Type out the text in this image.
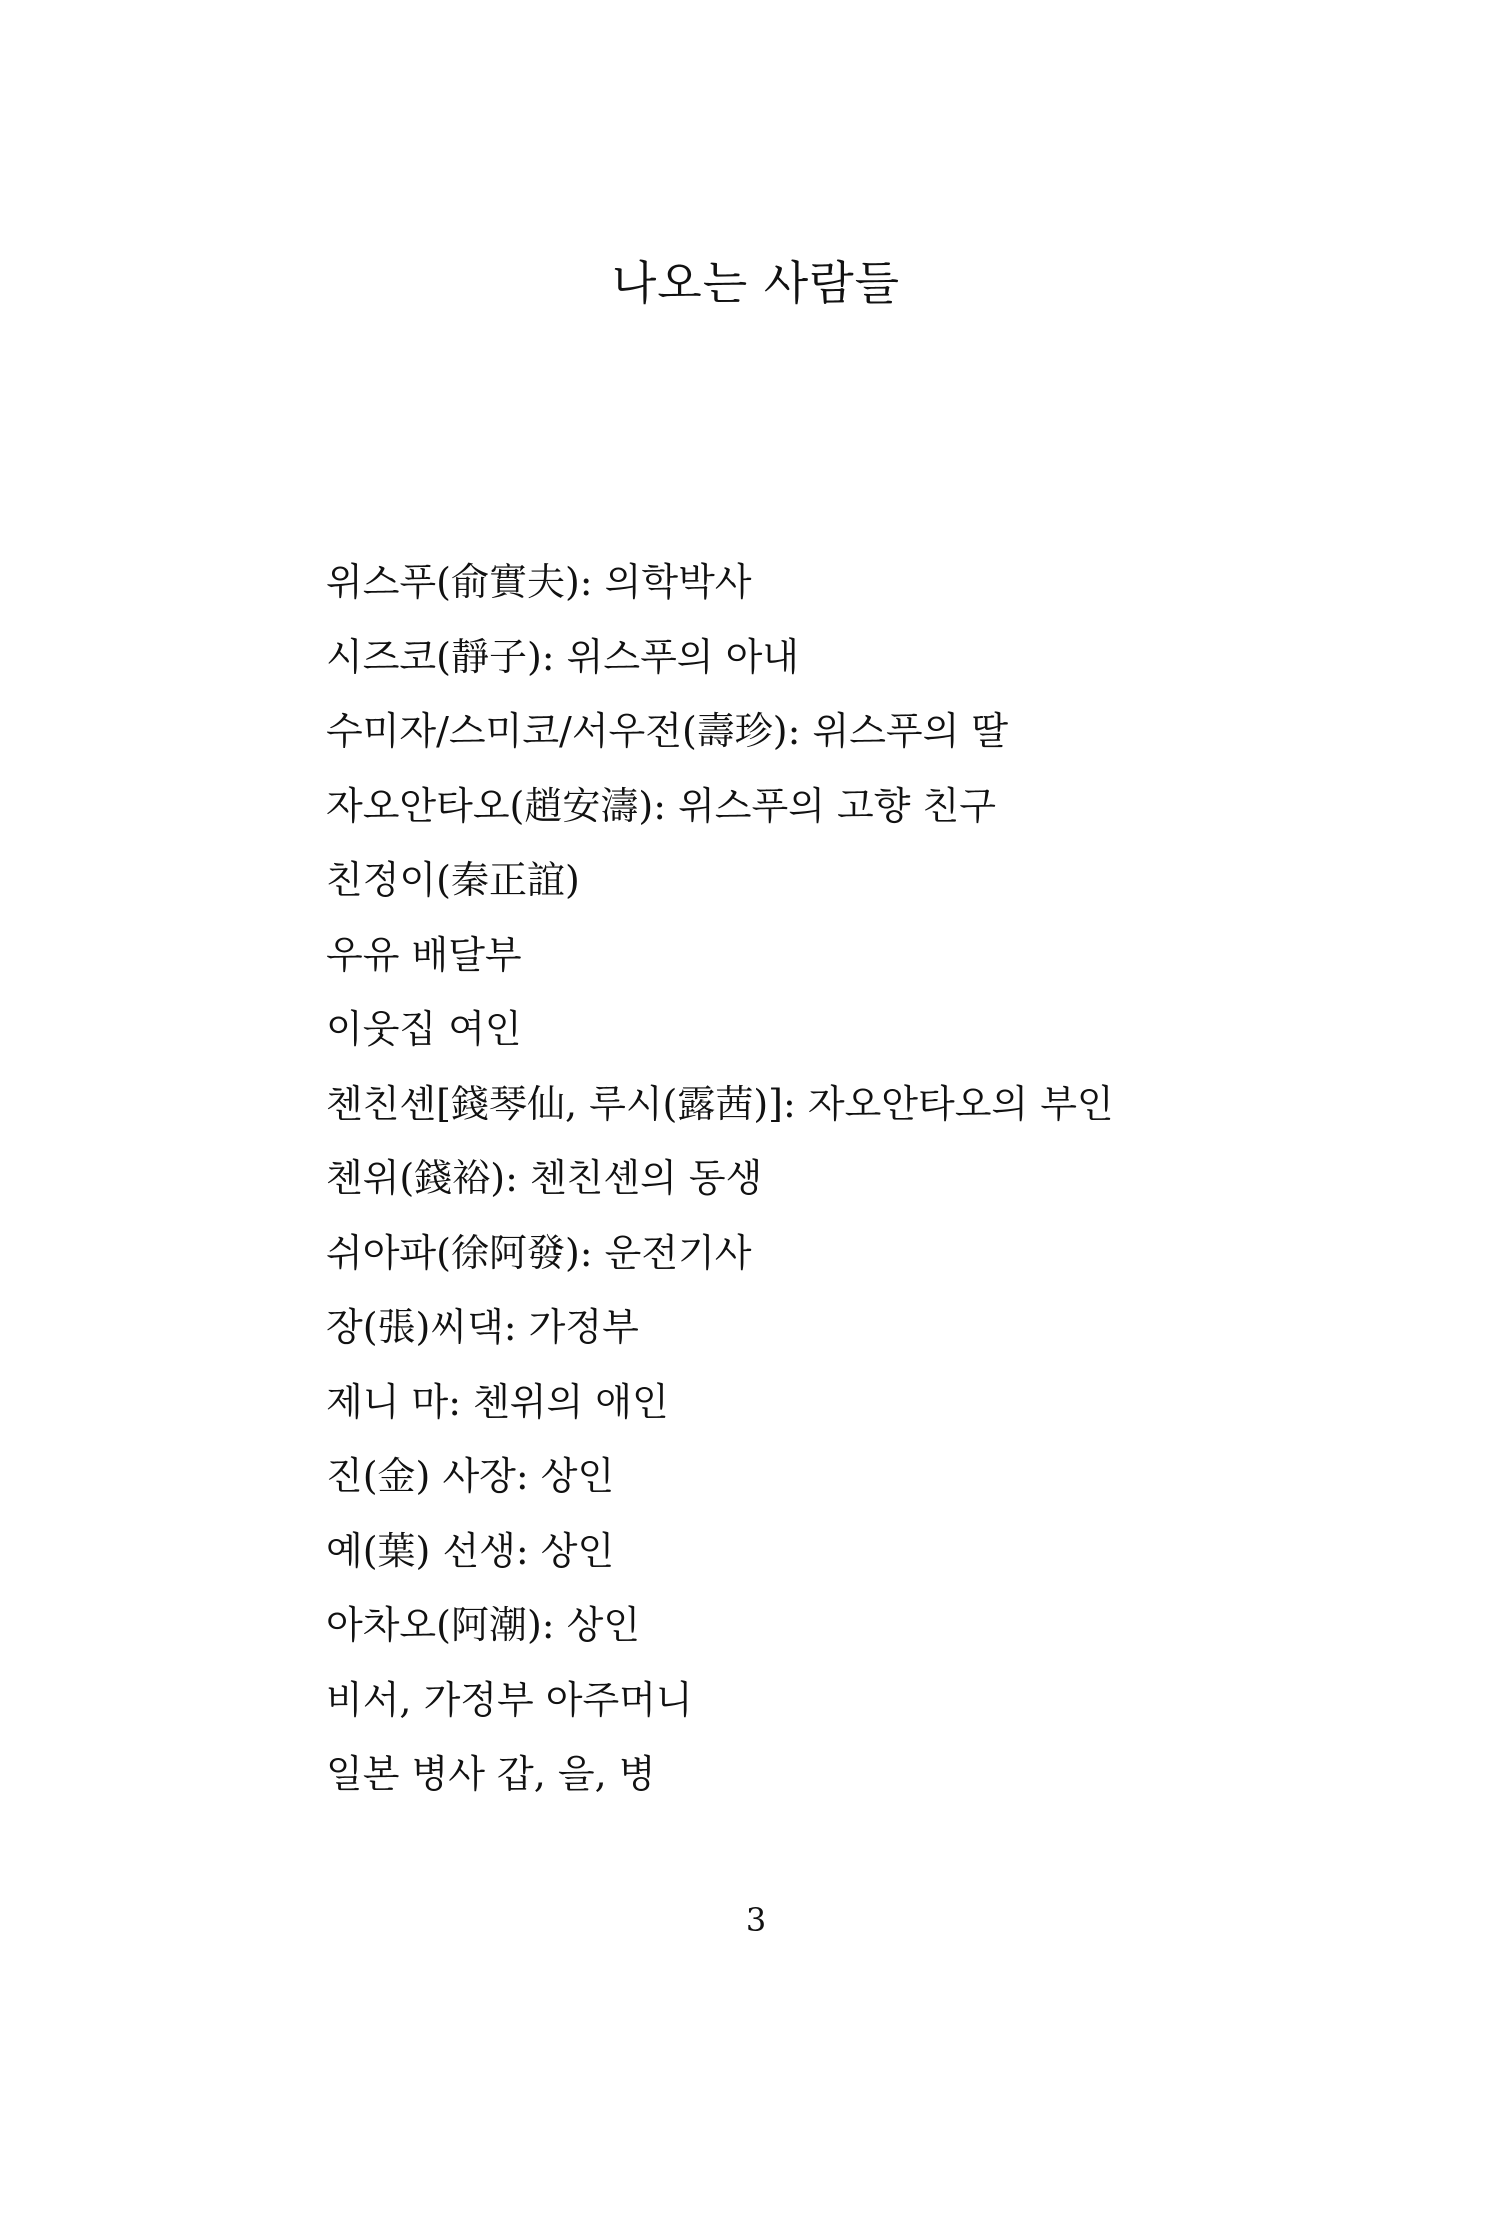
나오는 사람들
위스푸(俞實夫): 의학박사
시즈코(靜子): 위스푸의 아내
수미자/스미코/서우전(壽珍): 위스푸의 딸
자오안타오(趙安濤): 위스푸의 고향 친구
친정이(秦正誼)
우유 배달부
이웃집 여인
첸친셴[錢琴仙, 루시(露茜)]: 자오안타오의 부인
첸위(錢裕): 첸친셴의 동생
쉬아파(徐阿發): 운전기사
장(張)씨댁: 가정부
제니 마: 첸위의 애인
진(金) 사장: 상인
예(葉) 선생: 상인
아차오(阿潮): 상인
비서, 가정부 아주머니
일본 병사 갑, 을, 병
3
